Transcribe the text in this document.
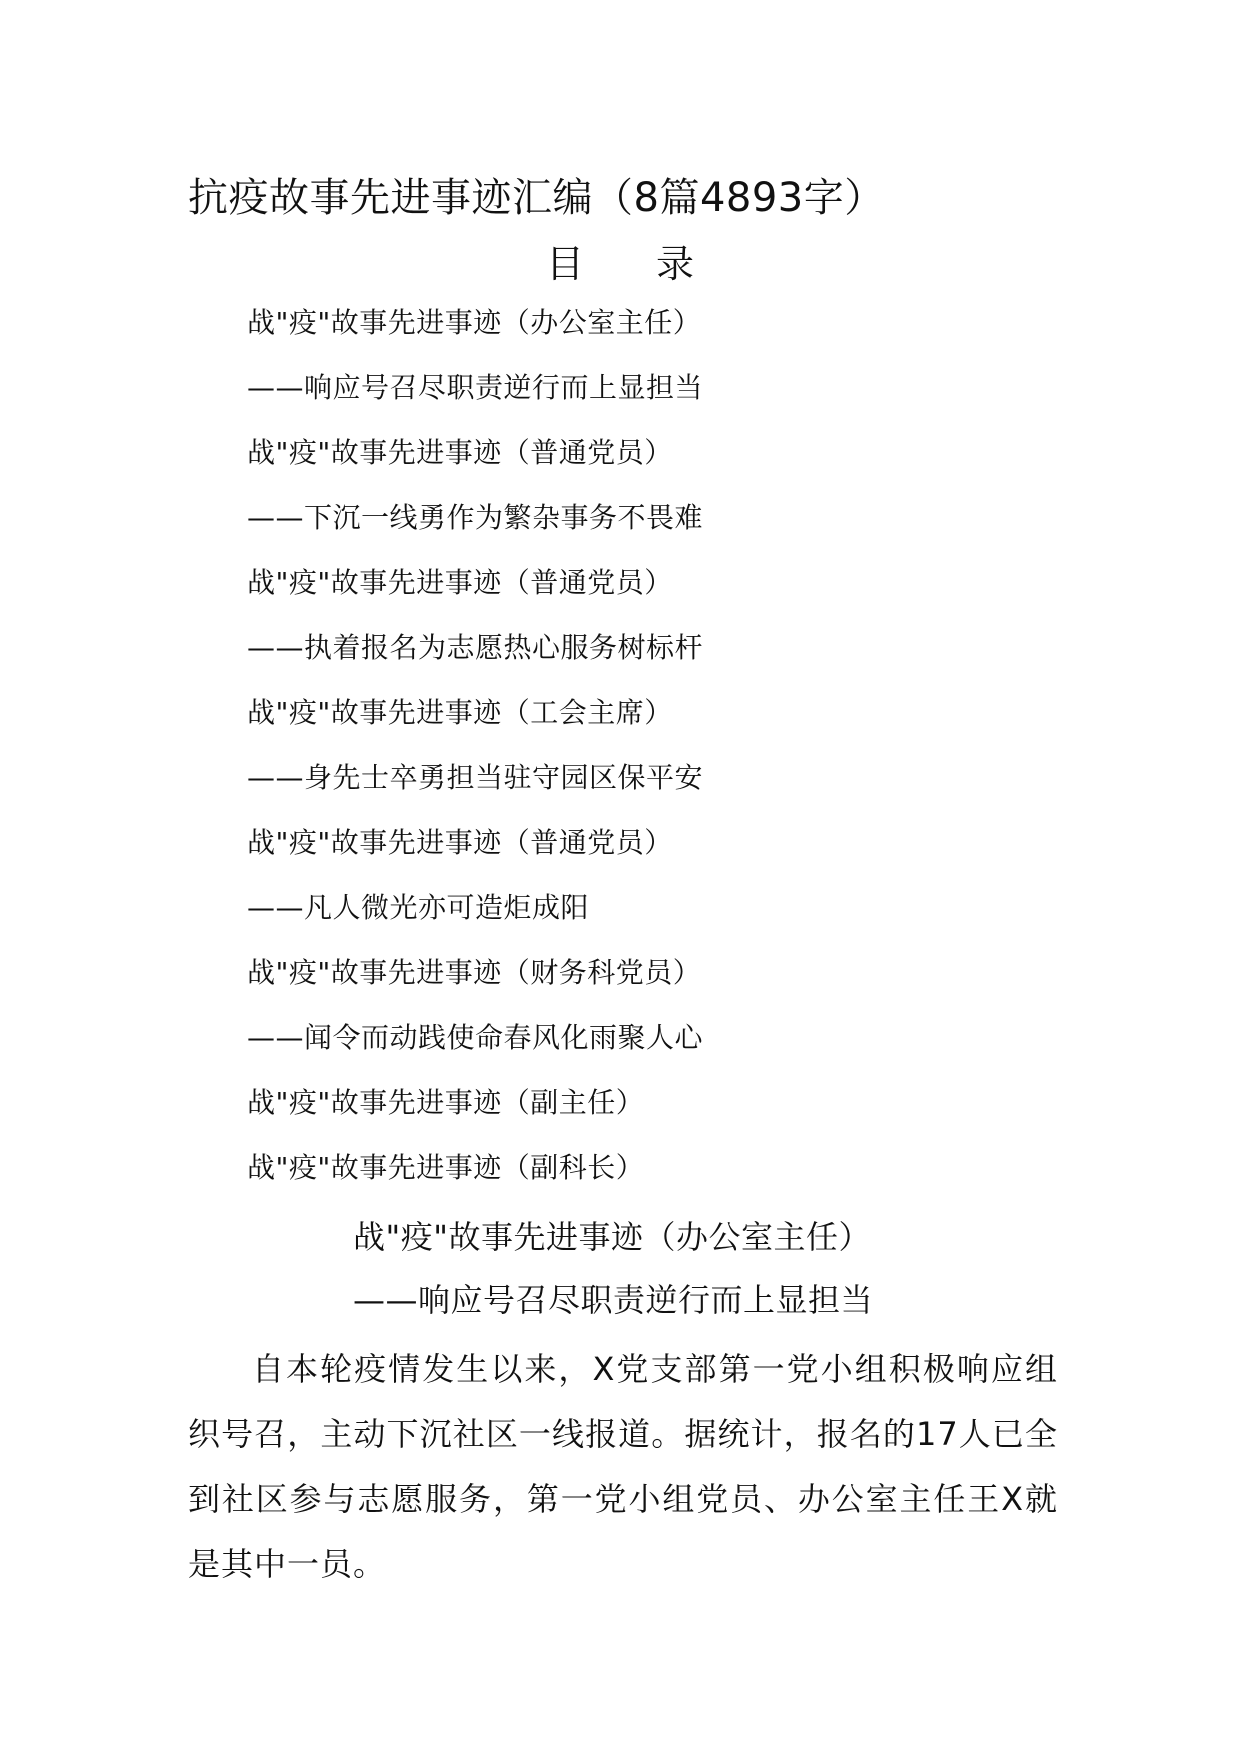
抗疫故事先进事迹汇编（8篇4893字）
目 录
战"疫"故事先进事迹（办公室主任）
——响应号召尽职责逆行而上显担当
战"疫"故事先进事迹（普通党员）
——下沉一线勇作为繁杂事务不畏难
战"疫"故事先进事迹（普通党员）
——执着报名为志愿热心服务树标杆
战"疫"故事先进事迹（工会主席）
——身先士卒勇担当驻守园区保平安
战"疫"故事先进事迹（普通党员）
——凡人微光亦可造炬成阳
战"疫"故事先进事迹（财务科党员）
——闻令而动践使命春风化雨聚人心
战"疫"故事先进事迹（副主任）
战"疫"故事先进事迹（副科长）
战"疫"故事先进事迹（办公室主任）
——响应号召尽职责逆行而上显担当

自本轮疫情发生以来，X党支部第一党小组积极响应组织号召，主动下沉社区一线报道。据统计，报名的17人已全到社区参与志愿服务，第一党小组党员、办公室主任王X就是其中一员。
